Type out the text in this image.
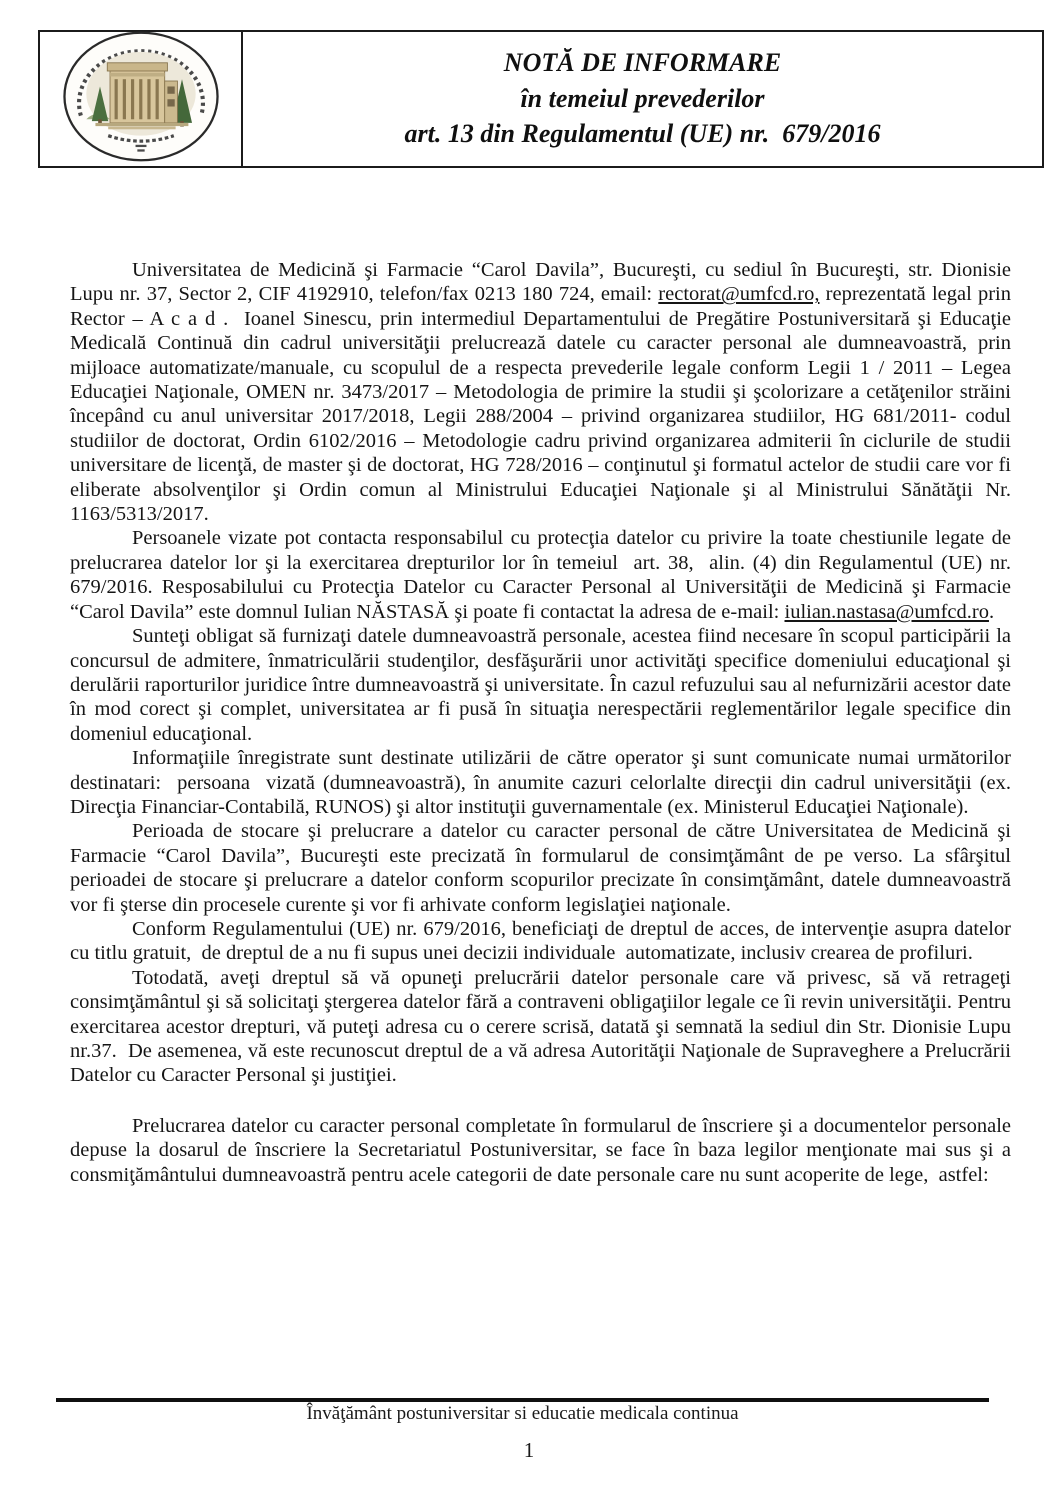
NOTĂ DE INFORMARE
în temeiul prevederilor
art. 13 din Regulamentul (UE) nr.  679/2016

Universitatea de Medicină şi Farmacie “Carol Davila”, Bucureşti, cu sediul în Bucureşti, str. Dionisie Lupu nr. 37, Sector 2, CIF 4192910, telefon/fax 0213 180 724, email: rectorat@umfcd.ro, reprezentată legal prin Rector – A c a d .  Ioanel Sinescu, prin intermediul Departamentului de Pregătire Postuniversitară şi Educaţie Medicală Continuă din cadrul universităţii prelucrează datele cu caracter personal ale dumneavoastră, prin mijloace automatizate/manuale, cu scopulul de a respecta prevederile legale conform Legii 1 / 2011 – Legea Educaţiei Naţionale, OMEN nr. 3473/2017 – Metodologia de primire la studii şi şcolorizare a cetăţenilor străini începând cu anul universitar 2017/2018, Legii 288/2004 – privind organizarea studiilor, HG 681/2011- codul studiilor de doctorat, Ordin 6102/2016 – Metodologie cadru privind organizarea admiterii în ciclurile de studii universitare de licenţă, de master şi de doctorat, HG 728/2016 – conţinutul şi formatul actelor de studii care vor fi eliberate absolvenţilor şi Ordin comun al Ministrului Educaţiei Naţionale şi al Ministrului Sănătăţii Nr. 1163/5313/2017.

Persoanele vizate pot contacta responsabilul cu protecţia datelor cu privire la toate chestiunile legate de prelucrarea datelor lor şi la exercitarea drepturilor lor în temeiul  art. 38,  alin. (4) din Regulamentul (UE) nr. 679/2016. Resposabilului cu Protecţia Datelor cu Caracter Personal al Universităţii de Medicină şi Farmacie “Carol Davila” este domnul Iulian NĂSTASĂ şi poate fi contactat la adresa de e-mail: iulian.nastasa@umfcd.ro.

Sunteţi obligat să furnizaţi datele dumneavoastră personale, acestea fiind necesare în scopul participării la concursul de admitere, înmatriculării studenţilor, desfăşurării unor activităţi specifice domeniului educaţional şi derulării raporturilor juridice între dumneavoastră şi universitate. În cazul refuzului sau al nefurnizării acestor date în mod corect şi complet, universitatea ar fi pusă în situaţia nerespectării reglementărilor legale specifice din domeniul educaţional.

Informaţiile înregistrate sunt destinate utilizării de către operator şi sunt comunicate numai următorilor destinatari:  persoana  vizată (dumneavoastră), în anumite cazuri celorlalte direcţii din cadrul universităţii (ex. Direcţia Financiar-Contabilă, RUNOS) şi altor instituţii guvernamentale (ex. Ministerul Educaţiei Naţionale).

Perioada de stocare şi prelucrare a datelor cu caracter personal de către Universitatea de Medicină şi Farmacie “Carol Davila”, Bucureşti este precizată în formularul de consimţământ de pe verso. La sfârşitul perioadei de stocare şi prelucrare a datelor conform scopurilor precizate în consimţământ, datele dumneavoastră vor fi şterse din procesele curente şi vor fi arhivate conform legislaţiei naţionale.

Conform Regulamentului (UE) nr. 679/2016, beneficiaţi de dreptul de acces, de intervenţie asupra datelor cu titlu gratuit,  de dreptul de a nu fi supus unei decizii individuale  automatizate, inclusiv crearea de profiluri.

Totodată, aveţi dreptul să vă opuneţi prelucrării datelor personale care vă privesc, să vă retrageţi consimţământul şi să solicitaţi ştergerea datelor fără a contraveni obligaţiilor legale ce îi revin universităţii. Pentru exercitarea acestor drepturi, vă puteţi adresa cu o cerere scrisă, datată şi semnată la sediul din Str. Dionisie Lupu nr.37.  De asemenea, vă este recunoscut dreptul de a vă adresa Autorităţii Naţionale de Supraveghere a Prelucrării Datelor cu Caracter Personal şi justiţiei.

Prelucrarea datelor cu caracter personal completate în formularul de înscriere şi a documentelor personale depuse la dosarul de înscriere la Secretariatul Postuniversitar, se face în baza legilor menţionate mai sus şi a consmiţământului dumneavoastră pentru acele categorii de date personale care nu sunt acoperite de lege,  astfel:

Învăţământ postuniversitar si educatie medicala continua
1
